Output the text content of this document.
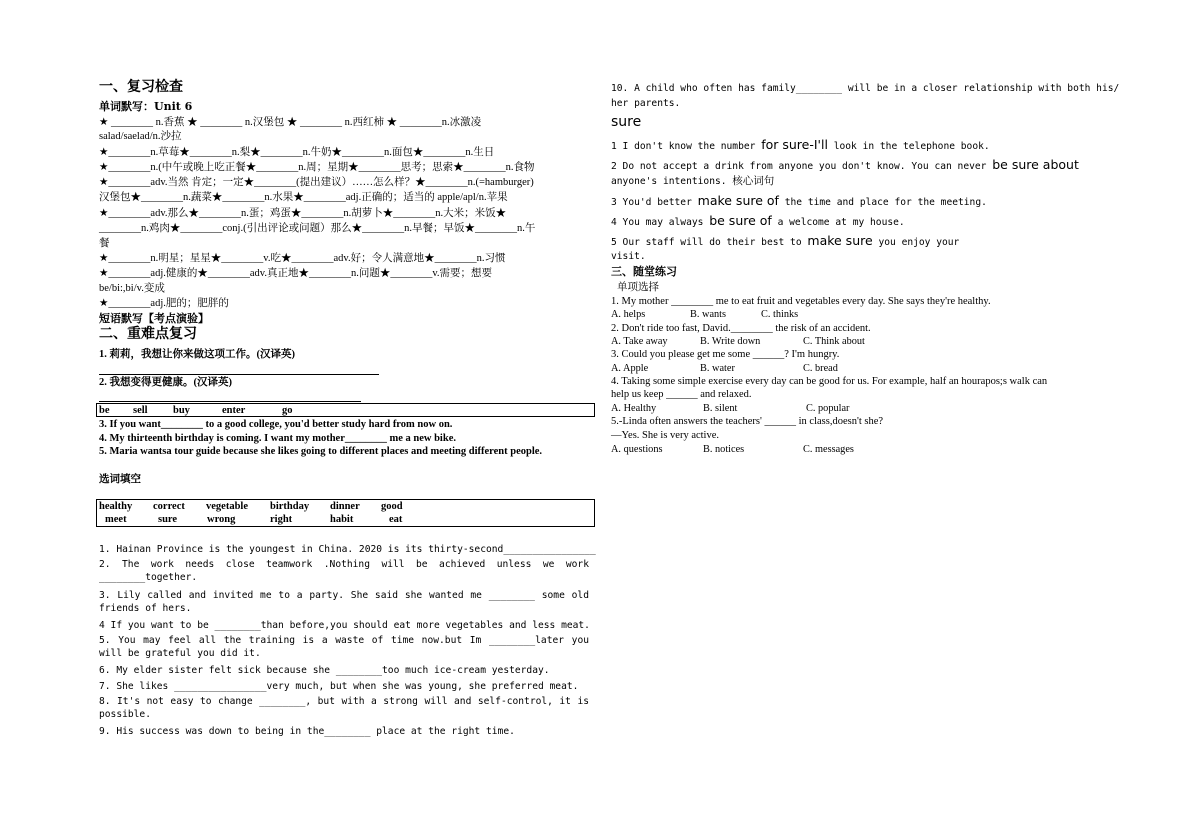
一、复习检查
单词默写：Unit 6
★ ________ n.香蕉 ★ ________ n.汉堡包 ★ ________ n.西红柿 ★ ________n.冰激凌
salad/saelad/n.沙拉
★________n.草莓★________n.梨★________n.牛奶★________n.面包★________n.生日
★________n.(中午或晚上吃正餐★________n.周；星期★________思考；思索★________n.食物
★________adv.当然 肯定；一定★________(提出建议）……怎么样？★________n.(=hamburger)
汉堡包★________n.蔬菜★________n.水果★________adj.正确的；适当的 apple/apl/n.苹果
★________adv.那么★________n.蛋；鸡蛋★________n.胡萝卜★________n.大米；米饭★
________n.鸡肉★________conj.(引出评论或问题）那么★________n.早餐；早饭★________n.午
餐
★________n.明星；星星★________v.吃★________adv.好；令人满意地★________n.习惯
★________adj.健康的★________adv.真正地★________n.问题★________v.需要；想要
be/bi:,bi/v.变成
★________adj.肥的；肥胖的
短语默写【考点演验】
二、重难点复习
1. 莉莉，我想让你来做这项工作。(汉译英)
2. 我想变得更健康。(汉译英)
be sell buy	enter	go
3. If you want________ to a good college, you'd better study hard from now on.
4. My thirteenth birthday is coming. I want my mother________ me a new bike.
5. Maria wantsa tour guide because she likes going to different places and meeting different people.
选词填空
healthy correct vegetable birthday dinner good
meet	sure	wrong	right	habit	eat
1. Hainan Province is the youngest in China. 2020 is its thirty-second________________
2. The work needs close teamwork .Nothing will be achieved unless we work ________together.
3. Lily called and invited me to a party. She said she wanted me ________ some old friends of hers.
4 If you want to be ________than before,you should eat more vegetables and less meat.
5. You may feel all the training is a waste of time now.but Im ________later you will be grateful you did it.
6. My elder sister felt sick because she ________too much ice-cream yesterday.
7. She likes ________________very much, but when she was young, she preferred meat.
8. It's not easy to change ________, but with a strong will and self-control, it is possible.
9. His success was down to being in the________ place at the right time.
10. A child who often has family________ will be in a closer relationship with both his/
her parents.
sure
1 I don't know the number for sure-I'll look in the telephone book.
2 Do not accept a drink from anyone you don't know. You can never be sure about
anyone's intentions. 核心词句
3 You'd better make sure of the time and place for the meeting.
4 You may always be sure of a welcome at my house.
5 Our staff will do their best to make sure you enjoy your
visit.
三、随堂练习
单项选择
1. My mother ________ me to eat fruit and vegetables every day. She says they're healthy.
A. helps	B. wants	C. thinks
2. Don't ride too fast, David.________ the risk of an accident.
A. Take away	B. Write down	C. Think about
3. Could you please get me some ______? I'm hungry.
A. Apple	B. water	C. bread
4. Taking some simple exercise every day can be good for us. For example, half an hourapos;s walk can
help us keep ______ and relaxed.
A. Healthy	B. silent	C. popular
5.-Linda often answers the teachers' ______ in class,doesn't she?
—Yes. She is very active.
A. questions	B. notices	C. messages
